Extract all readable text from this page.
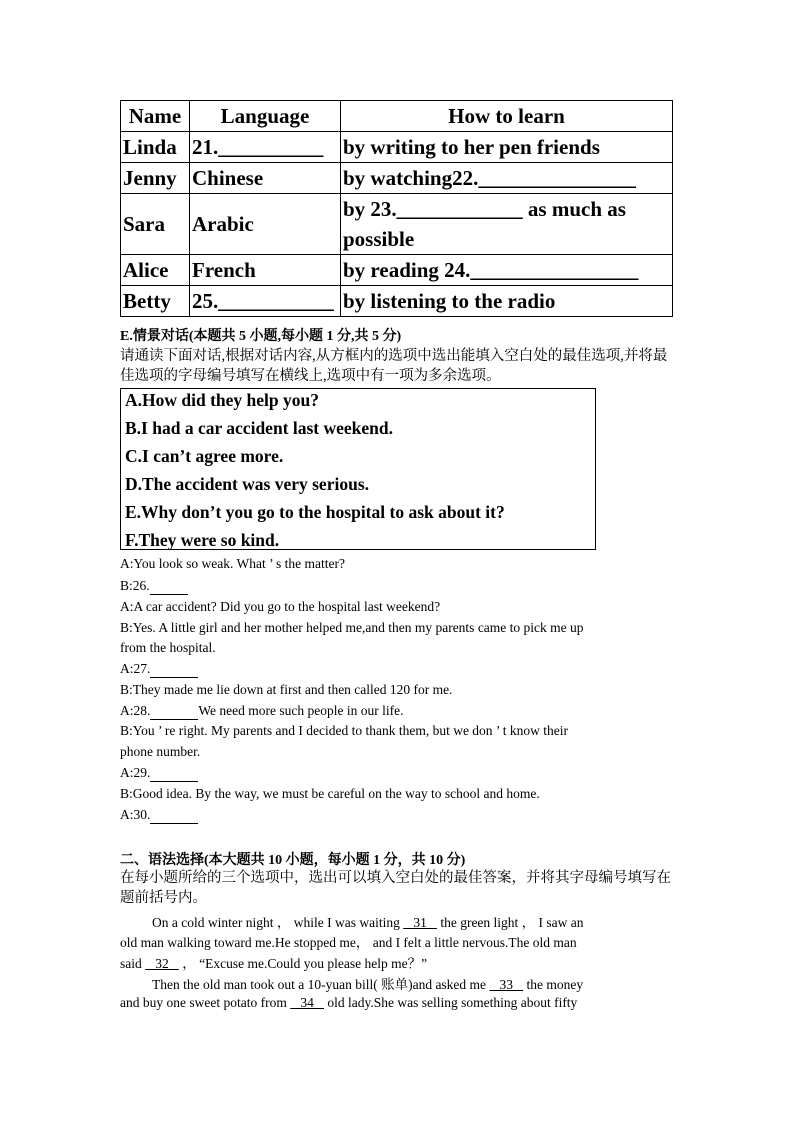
Name	Language	How to learn
Linda	21.__________	by writing to her pen friends
Jenny	Chinese	by watching22._______________
Sara	Arabic	by 23.____________ as much as possible
Alice	French	by reading 24.________________
Betty	25.___________	by listening to the radio
E.情景对话(本题共 5 小题,每小题 1 分,共 5 分)
请通读下面对话,根据对话内容,从方框内的选项中选出能填入空白处的最佳选项,并将最佳选项的字母编号填写在横线上,选项中有一项为多余选项。
A.How did they help you?
B.I had a car accident last weekend.
C.I can’t agree more.
D.The accident was very serious.
E.Why don’t you go to the hospital to ask about it?
F.They were so kind.
A:You look so weak. What ’ s the matter?
B:26.
A:A car accident? Did you go to the hospital last weekend?
B:Yes. A little girl and her mother helped me,and then my parents came to pick me up
from the hospital.
A:27.
B:They made me lie down at first and then called 120 for me.
A:28.	We need more such people in our life.
B:You ’ re right. My parents and I decided to thank them, but we don ’ t know their
phone number.
A:29.
B:Good idea. By the way, we must be careful on the way to school and home.
A:30.
二、语法选择(本大题共 10 小题，每小题 1 分，共 10 分)
在每小题所给的三个选项中，选出可以填入空白处的最佳答案，并将其字母编号填写在题前括号内。
On a cold winter night ， while I was waiting    31    the green light ， I saw an
old man walking toward me.He stopped me， and I felt a little nervous.The old man
said    32    ， “Excuse me.Could you please help me？”
Then the old man took out a 10-yuan bill( 账单)and asked me    33    the money
and buy one sweet potato from    34    old lady.She was selling something about fifty
